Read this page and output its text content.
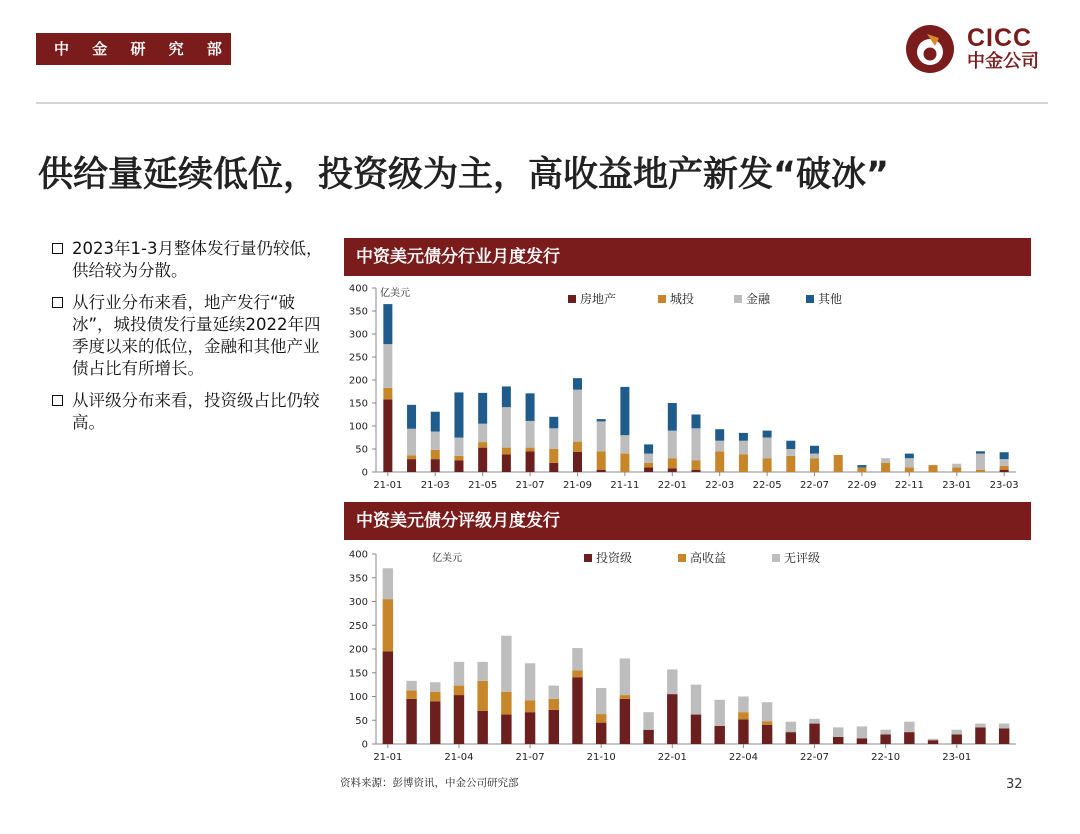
中 金 研 究 部	CICC
中金公司
供给量延续低位，投资级为主，高收益地产新发“破冰”
2023年1-3月整体发行量仍较低，供给较为分散。
从行业分布来看，地产发行“破冰”，城投债发行量延续2022年四季度以来的低位，金融和其他产业债占比有所增长。
从评级分布来看，投资级占比仍较高。
中资美元债分行业月度发行
0
50
100
150
200
250
300
350
400
21-01 21-03 21-05 21-07 21-09 21-11 22-01 22-03 22-05 22-07 22-09 22-11 23-01 23-03
亿美元	房地产	城投	金融	其他
中资美元债分评级月度发行
0
50
100
150
200
250
300
350
400
21-01	21-04	21-07	21-10	22-01	22-04	22-07	22-10	23-01
亿美元	投资级	高收益	无评级
资料来源：彭博资讯，中金公司研究部	32
